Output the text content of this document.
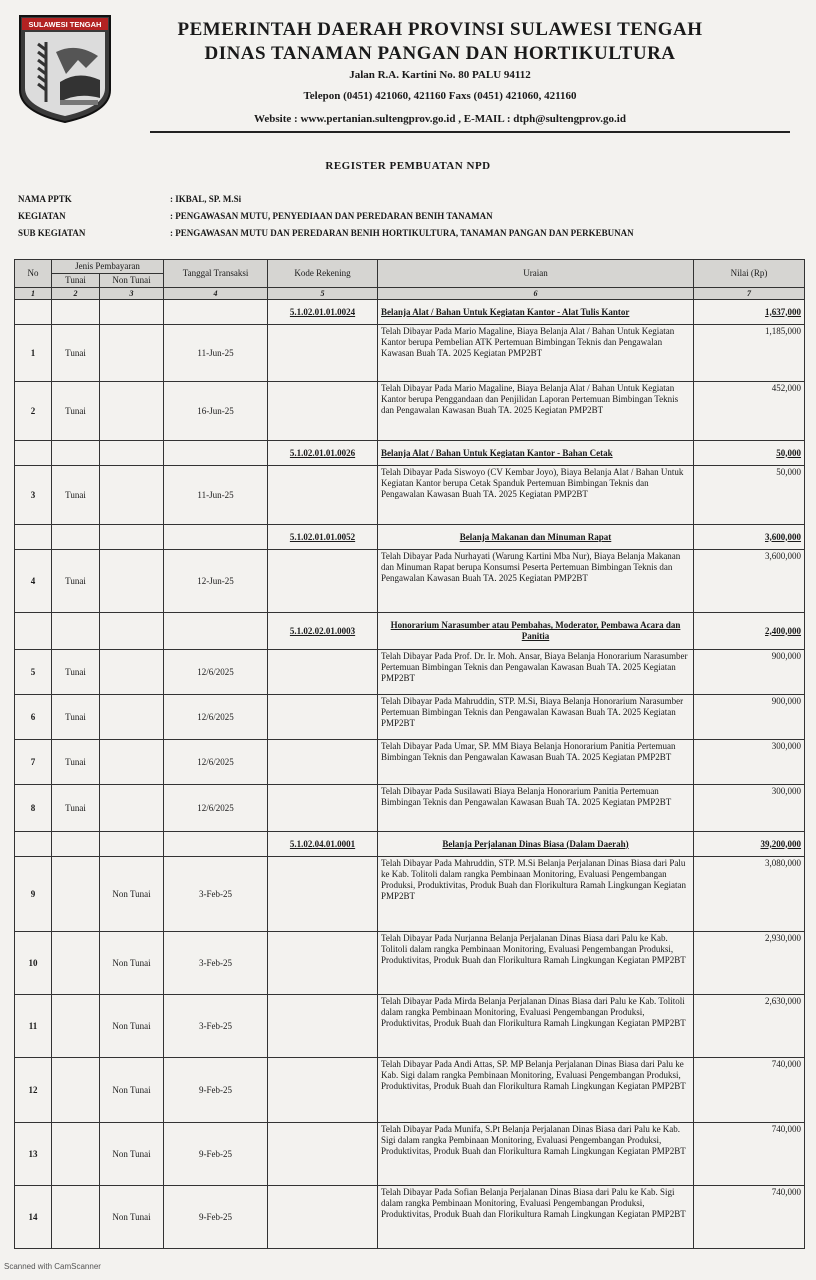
SULAWESI TENGAH	PEMERINTAH DAERAH PROVINSI SULAWESI TENGAH
DINAS TANAMAN PANGAN DAN HORTIKULTURA
Jalan R.A. Kartini No. 80 PALU 94112
Telepon (0451) 421060, 421160 Faxs (0451) 421060, 421160
Website : www.pertanian.sultengprov.go.id , E-MAIL : dtph@sultengprov.go.id
REGISTER PEMBUATAN NPD
NAMA PPTK	: IKBAL, SP. M.Si
KEGIATAN	: PENGAWASAN MUTU, PENYEDIAAN DAN PEREDARAN BENIH TANAMAN
SUB KEGIATAN	: PENGAWASAN MUTU DAN PEREDARAN BENIH HORTIKULTURA, TANAMAN PANGAN DAN PERKEBUNAN
No	Jenis Pembayaran		Tanggal Transaksi	Kode Rekening	Uraian	Nilai (Rp)
	Tunai	Non Tunai				
1	2	3	4	5	6	7
				5.1.02.01.01.0024	Belanja Alat / Bahan Untuk Kegiatan Kantor - Alat Tulis Kantor	1,637,000
1	Tunai		11-Jun-25		Telah Dibayar Pada Mario Magaline, Biaya Belanja Alat / Bahan Untuk Kegiatan Kantor berupa Pembelian ATK Pertemuan Bimbingan Teknis dan Pengawalan Kawasan Buah TA. 2025 Kegiatan PMP2BT	1,185,000
2	Tunai		16-Jun-25		Telah Dibayar Pada Mario Magaline, Biaya Belanja Alat / Bahan Untuk Kegiatan Kantor berupa Penggandaan dan Penjilidan Laporan Pertemuan Bimbingan Teknis dan Pengawalan Kawasan Buah TA. 2025 Kegiatan PMP2BT	452,000
				5.1.02.01.01.0026	Belanja Alat / Bahan Untuk Kegiatan Kantor - Bahan Cetak	50,000
3	Tunai		11-Jun-25		Telah Dibayar Pada Siswoyo (CV Kembar Joyo), Biaya Belanja Alat / Bahan Untuk Kegiatan Kantor berupa Cetak Spanduk Pertemuan Bimbingan Teknis dan Pengawalan Kawasan Buah TA. 2025 Kegiatan PMP2BT	50,000
				5.1.02.01.01.0052	Belanja Makanan dan Minuman Rapat	3,600,000
4	Tunai		12-Jun-25		Telah Dibayar Pada Nurhayati (Warung Kartini Mba Nur), Biaya Belanja Makanan dan Minuman Rapat berupa Konsumsi Peserta Pertemuan Bimbingan Teknis dan Pengawalan Kawasan Buah TA. 2025 Kegiatan PMP2BT	3,600,000
				5.1.02.02.01.0003	Honorarium Narasumber atau Pembahas, Moderator, Pembawa Acara dan Panitia	2,400,000
5	Tunai		12/6/2025		Telah Dibayar Pada Prof. Dr. Ir. Moh. Ansar, Biaya Belanja Honorarium Narasumber Pertemuan Bimbingan Teknis dan Pengawalan Kawasan Buah TA. 2025 Kegiatan PMP2BT	900,000
6	Tunai		12/6/2025		Telah Dibayar Pada Mahruddin, STP. M.Si, Biaya Belanja Honorarium Narasumber Pertemuan Bimbingan Teknis dan Pengawalan Kawasan Buah TA. 2025 Kegiatan PMP2BT	900,000
7	Tunai		12/6/2025		Telah Dibayar Pada Umar, SP. MM Biaya Belanja Honorarium Panitia Pertemuan Bimbingan Teknis dan Pengawalan Kawasan Buah TA. 2025 Kegiatan PMP2BT	300,000
8	Tunai		12/6/2025		Telah Dibayar Pada Susilawati Biaya Belanja Honorarium Panitia Pertemuan Bimbingan Teknis dan Pengawalan Kawasan Buah TA. 2025 Kegiatan PMP2BT	300,000
				5.1.02.04.01.0001	Belanja Perjalanan Dinas Biasa (Dalam Daerah)	39,200,000
9		Non Tunai	3-Feb-25		Telah Dibayar Pada Mahruddin, STP. M.Si Belanja Perjalanan Dinas Biasa dari Palu ke Kab. Tolitoli dalam rangka Pembinaan Monitoring, Evaluasi Pengembangan Produksi, Produktivitas, Produk Buah dan Florikultura Ramah Lingkungan Kegiatan PMP2BT	3,080,000
10		Non Tunai	3-Feb-25		Telah Dibayar Pada Nurjanna Belanja Perjalanan Dinas Biasa dari Palu ke Kab. Tolitoli dalam rangka Pembinaan Monitoring, Evaluasi Pengembangan Produksi, Produktivitas, Produk Buah dan Florikultura Ramah Lingkungan Kegiatan PMP2BT	2,930,000
11		Non Tunai	3-Feb-25		Telah Dibayar Pada Mirda Belanja Perjalanan Dinas Biasa dari Palu ke Kab. Tolitoli dalam rangka Pembinaan Monitoring, Evaluasi Pengembangan Produksi, Produktivitas, Produk Buah dan Florikultura Ramah Lingkungan Kegiatan PMP2BT	2,630,000
12		Non Tunai	9-Feb-25		Telah Dibayar Pada Andi Attas, SP. MP Belanja Perjalanan Dinas Biasa dari Palu ke Kab. Sigi dalam rangka Pembinaan Monitoring, Evaluasi Pengembangan Produksi, Produktivitas, Produk Buah dan Florikultura Ramah Lingkungan Kegiatan PMP2BT	740,000
13		Non Tunai	9-Feb-25		Telah Dibayar Pada Munifa, S.Pt Belanja Perjalanan Dinas Biasa dari Palu ke Kab. Sigi dalam rangka Pembinaan Monitoring, Evaluasi Pengembangan Produksi, Produktivitas, Produk Buah dan Florikultura Ramah Lingkungan Kegiatan PMP2BT	740,000
14		Non Tunai	9-Feb-25		Telah Dibayar Pada Sofian Belanja Perjalanan Dinas Biasa dari Palu ke Kab. Sigi dalam rangka Pembinaan Monitoring, Evaluasi Pengembangan Produksi, Produktivitas, Produk Buah dan Florikultura Ramah Lingkungan Kegiatan PMP2BT	740,000
Scanned with CamScanner
